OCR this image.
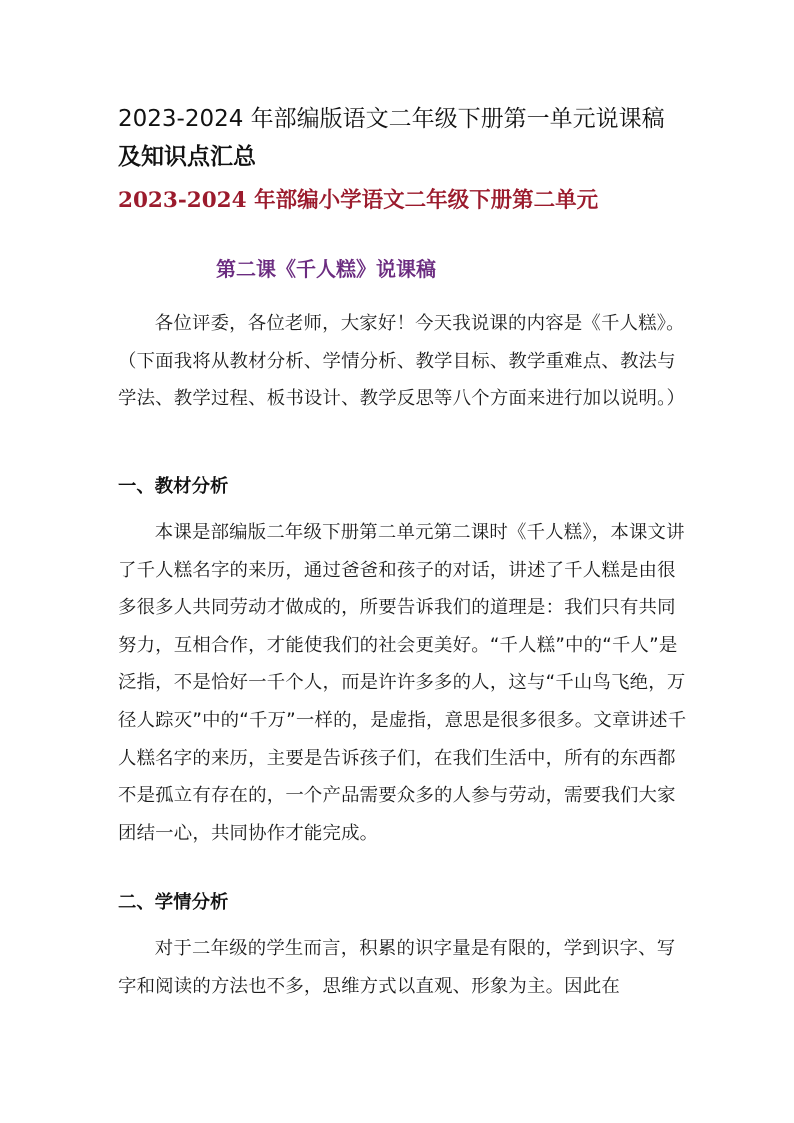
2023-2024 年部编版语文二年级下册第一单元说课稿
及知识点汇总
2023-2024 年部编小学语文二年级下册第二单元
第二课《千人糕》说课稿

各位评委，各位老师，大家好！今天我说课的内容是《千人糕》。（下面我将从教材分析、学情分析、教学目标、教学重难点、教法与学法、教学过程、板书设计、教学反思等八个方面来进行加以说明。）

一、教材分析

本课是部编版二年级下册第二单元第二课时《千人糕》，本课文讲了千人糕名字的来历，通过爸爸和孩子的对话，讲述了千人糕是由很多很多人共同劳动才做成的，所要告诉我们的道理是：我们只有共同努力，互相合作，才能使我们的社会更美好。“千人糕”中的“千人”是泛指，不是恰好一千个人，而是许许多多的人，这与“千山鸟飞绝，万径人踪灭”中的“千万”一样的，是虚指，意思是很多很多。文章讲述千人糕名字的来历，主要是告诉孩子们，在我们生活中，所有的东西都不是孤立有存在的，一个产品需要众多的人参与劳动，需要我们大家团结一心，共同协作才能完成。

二、学情分析

对于二年级的学生而言，积累的识字量是有限的，学到识字、写字和阅读的方法也不多，思维方式以直观、形象为主。因此在
